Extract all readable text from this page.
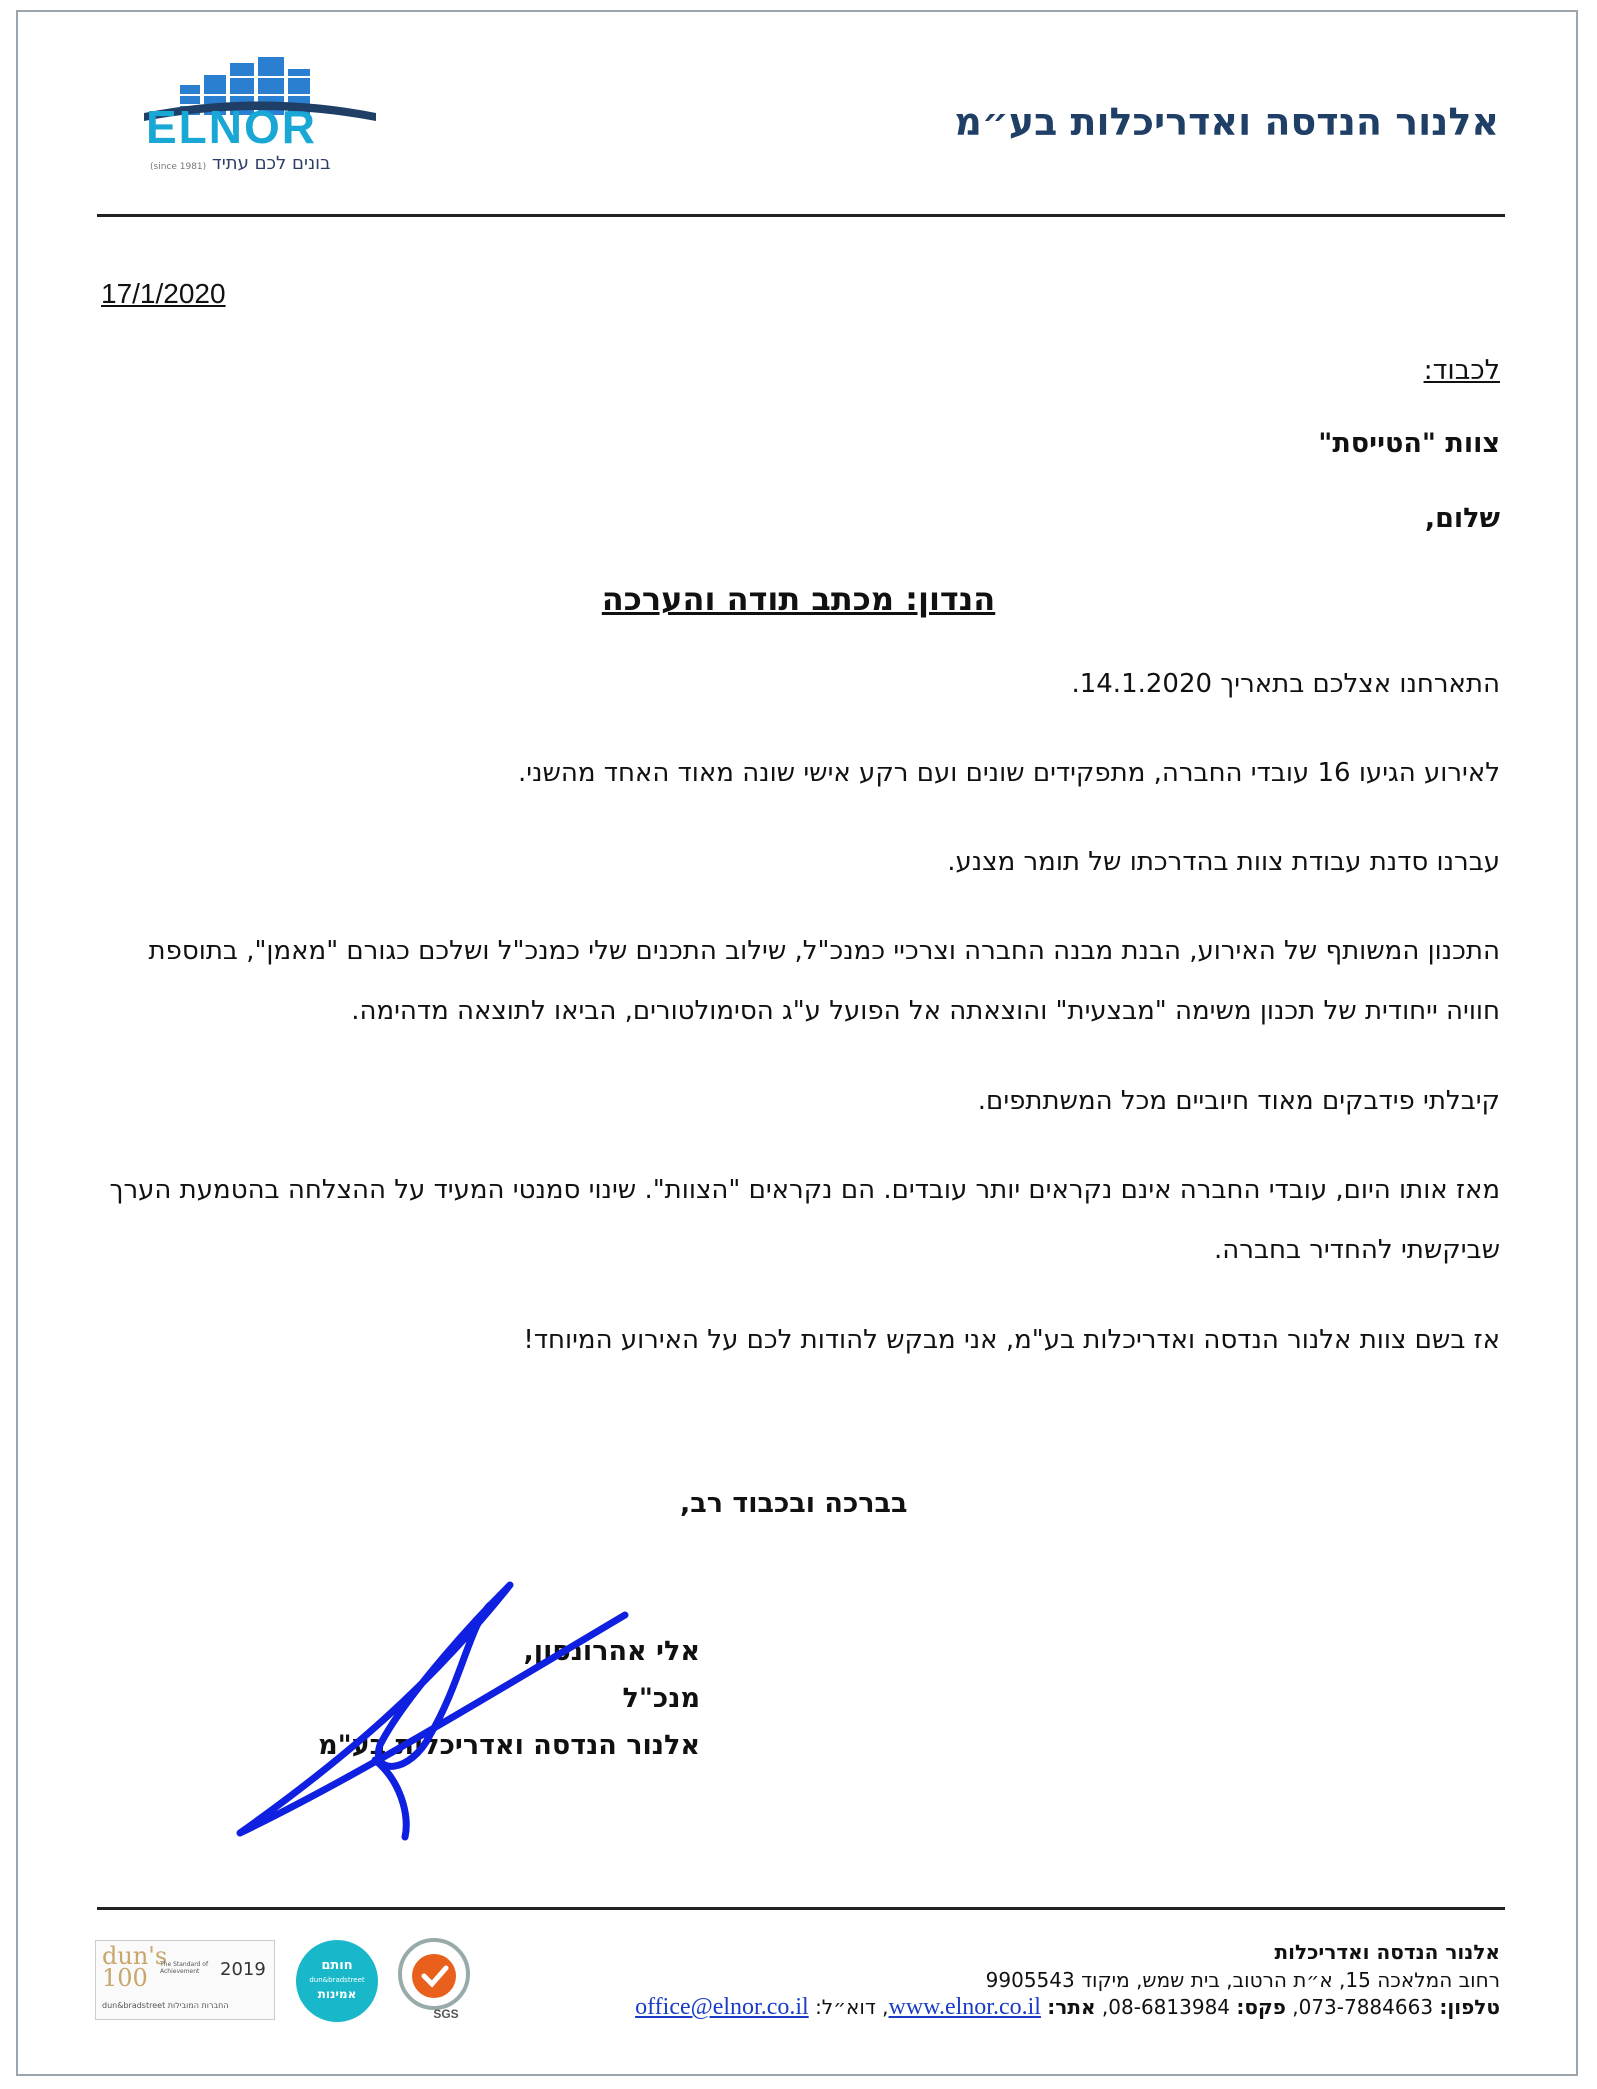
אלנור הנדסה ואדריכלות בע״מ
ELNOR
בונים לכם עתיד (since 1981)
17/1/2020
לכבוד:
צוות "הטייסת"
שלום,
הנדון: מכתב תודה והערכה
התארחנו אצלכם בתאריך 14.1.2020.
לאירוע הגיעו 16 עובדי החברה, מתפקידים שונים ועם רקע אישי שונה מאוד האחד מהשני.
עברנו סדנת עבודת צוות בהדרכתו של תומר מצנע.
התכנון המשותף של האירוע, הבנת מבנה החברה וצרכיי כמנכ"ל, שילוב התכנים שלי כמנכ"ל ושלכם כגורם "מאמן", בתוספת חוויה ייחודית של תכנון משימה "מבצעית" והוצאתה אל הפועל ע"ג הסימולטורים, הביאו לתוצאה מדהימה.
קיבלתי פידבקים מאוד חיוביים מכל המשתתפים.
מאז אותו היום, עובדי החברה אינם נקראים יותר עובדים. הם נקראים "הצוות". שינוי סמנטי המעיד על ההצלחה בהטמעת הערך שביקשתי להחדיר בחברה.
אז בשם צוות אלנור הנדסה ואדריכלות בע"מ, אני מבקש להודות לכם על האירוע המיוחד!
בברכה ובכבוד רב,
אלי אהרונסון,
מנכ"ל
אלנור הנדסה ואדריכלות בע"מ
אלנור הנדסה ואדריכלות
רחוב המלאכה 15, א״ת הרטוב, בית שמש, מיקוד 9905543
טלפון: 073-7884663, פקס: 08-6813984, אתר: www.elnor.co.il, דוא״ל: office@elnor.co.il
dun's
100	The Standard of Achievement	2019
dun&bradstreet החברות המובילות
חותם
dun&bradstreet
אמינות
SGS
